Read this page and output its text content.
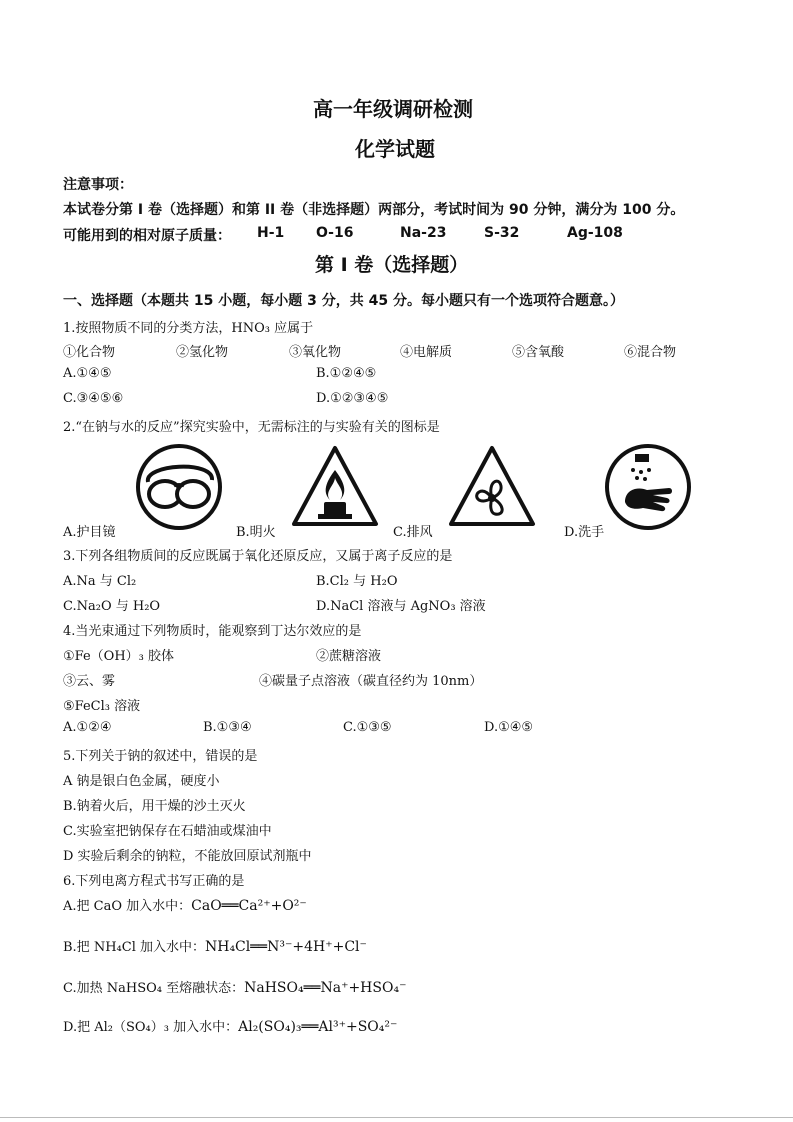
高一年级调研检测
化学试题
注意事项：
本试卷分第 I 卷（选择题）和第 II 卷（非选择题）两部分，考试时间为 90 分钟，满分为 100 分。
可能用到的相对原子质量： H-1 O-16	Na-23	S-32	Ag-108
第 I 卷（选择题）
一、选择题（本题共 15 小题，每小题 3 分，共 45 分。每小题只有一个选项符合题意。）
1.按照物质不同的分类方法，HNO₃ 应属于
①化合物	②氢化物	③氧化物	④电解质	⑤含氧酸	⑥混合物
A.①④⑤	B.①②④⑤
C.③④⑤⑥	D.①②③④⑤
2.“在钠与水的反应”探究实验中，无需标注的与实验有关的图标是
A.护目镜	B.明火	C.排风	D.洗手
3.下列各组物质间的反应既属于氧化还原反应，又属于离子反应的是
A.Na 与 Cl₂	B.Cl₂ 与 H₂O
C.Na₂O 与 H₂O	D.NaCl 溶液与 AgNO₃ 溶液
4.当光束通过下列物质时，能观察到丁达尔效应的是
①Fe（OH）₃ 胶体	②蔗糖溶液
③云、雾	④碳量子点溶液（碳直径约为 10nm）
⑤FeCl₃ 溶液
A.①②④	B.①③④	C.①③⑤	D.①④⑤
5.下列关于钠的叙述中，错误的是
A 钠是银白色金属，硬度小
B.钠着火后，用干燥的沙土灭火
C.实验室把钠保存在石蜡油或煤油中
D 实验后剩余的钠粒，不能放回原试剂瓶中
6.下列电离方程式书写正确的是
A.把 CaO 加入水中：CaO══Ca²⁺+O²⁻
B.把 NH₄Cl 加入水中：NH₄Cl══N³⁻+4H⁺+Cl⁻
C.加热 NaHSO₄ 至熔融状态：NaHSO₄══Na⁺+HSO₄⁻
D.把 Al₂（SO₄）₃ 加入水中：Al₂(SO₄)₃══Al³⁺+SO₄²⁻
